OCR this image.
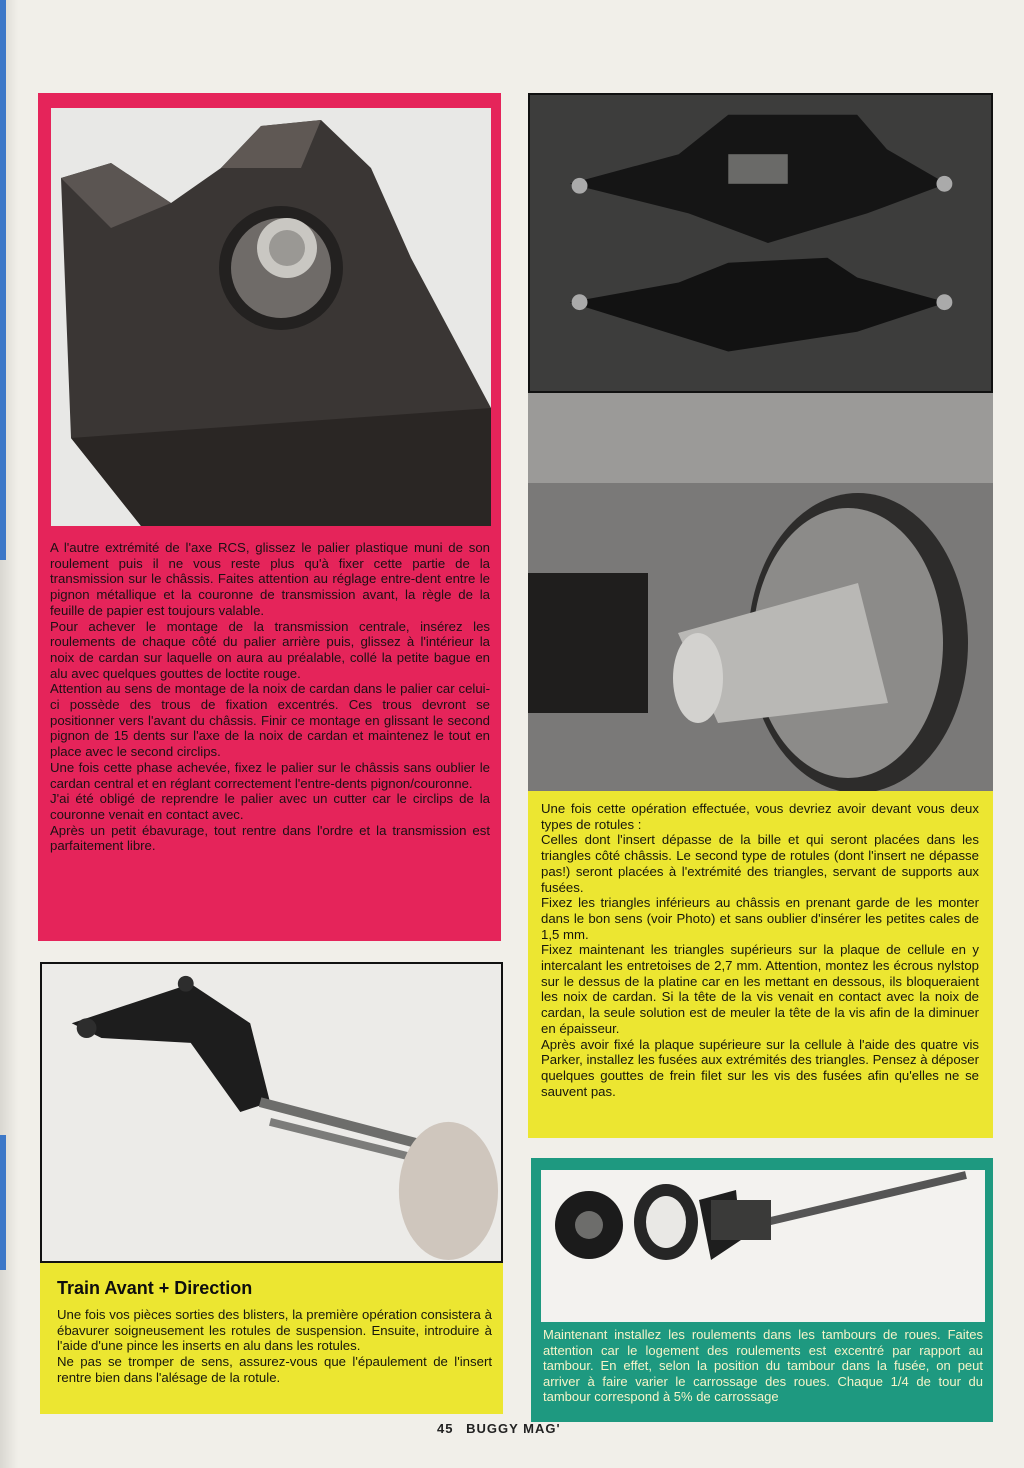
A l'autre extrémité de l'axe RCS, glissez le palier plastique muni de son roulement puis il ne vous reste plus qu'à fixer cette partie de la transmission sur le châssis. Faites attention au réglage entre-dent entre le pignon métallique et la couronne de transmission avant, la règle de la feuille de papier est toujours valable.

Pour achever le montage de la transmission centrale, insérez les roulements de chaque côté du palier arrière puis, glissez à l'intérieur la noix de cardan sur laquelle on aura au préalable, collé la petite bague en alu avec quelques gouttes de loctite rouge.

Attention au sens de montage de la noix de cardan dans le palier car celui-ci possède des trous de fixation excentrés. Ces trous devront se positionner vers l'avant du châssis. Finir ce montage en glissant le second pignon de 15 dents sur l'axe de la noix de cardan et maintenez le tout en place avec le second circlips.

Une fois cette phase achevée, fixez le palier sur le châssis sans oublier le cardan central et en réglant correctement l'entre-dents pignon/couronne.

J'ai été obligé de reprendre le palier avec un cutter car le circlips de la couronne venait en contact avec.

Après un petit ébavurage, tout rentre dans l'ordre et la transmission est parfaitement libre.

Une fois cette opération effectuée, vous devriez avoir devant vous deux types de rotules :

Celles dont l'insert dépasse de la bille et qui seront placées dans les triangles côté châssis. Le second type de rotules (dont l'insert ne dépasse pas!) seront placées à l'extrémité des triangles, servant de supports aux fusées.

Fixez les triangles inférieurs au châssis en prenant garde de les monter dans le bon sens (voir Photo) et sans oublier d'insérer les petites cales de 1,5 mm.

Fixez maintenant les triangles supérieurs sur la plaque de cellule en y intercalant les entretoises de 2,7 mm. Attention, montez les écrous nylstop sur le dessus de la platine car en les mettant en dessous, ils bloqueraient les noix de cardan. Si la tête de la vis venait en contact avec la noix de cardan, la seule solution est de meuler la tête de la vis afin de la diminuer en épaisseur.

Après avoir fixé la plaque supérieure sur la cellule à l'aide des quatre vis Parker, installez les fusées aux extrémités des triangles. Pensez à déposer quelques gouttes de frein filet sur les vis des fusées afin qu'elles ne se sauvent pas.

Train Avant + Direction

Une fois vos pièces sorties des blisters, la première opération consistera à ébavurer soigneusement les rotules de suspension. Ensuite, introduire à l'aide d'une pince les inserts en alu dans les rotules.

Ne pas se tromper de sens, assurez-vous que l'épaulement de l'insert rentre bien dans l'alésage de la rotule.

Maintenant installez les roulements dans les tambours de roues. Faites attention car le logement des roulements est excentré par rapport au tambour. En effet, selon la position du tambour dans la fusée, on peut arriver à faire varier le carrossage des roues. Chaque 1/4 de tour du tambour correspond à 5% de carrossage

45 BUGGY MAG'
